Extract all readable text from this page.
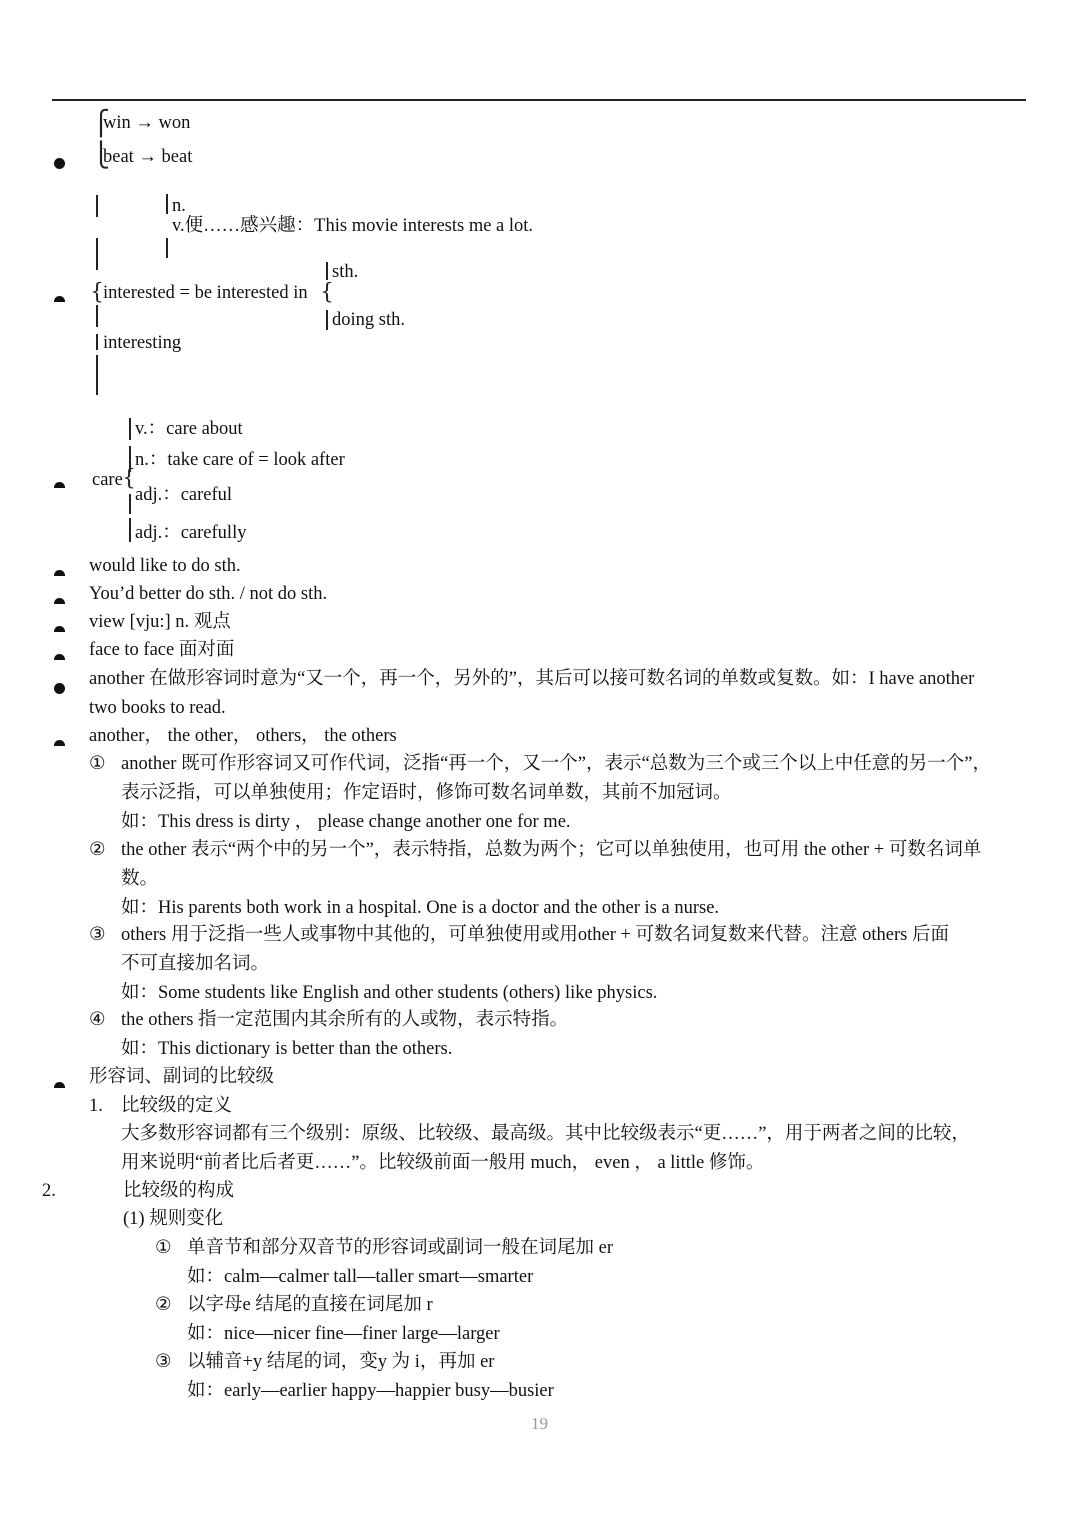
⎧
⎩
win → won
beat → beat
{
n.
v.便……感兴趣：This movie interests me a lot.
interested = be interested in {
sth.
doing sth.
interesting
care {
v.：care about
n.：take care of = look after
adj.：careful
adj.：carefully
would like to do sth.
You’d better do sth. / not do sth.
view [vju:] n. 观点
face to face 面对面
another 在做形容词时意为“又一个，再一个，另外的”，其后可以接可数名词的单数或复数。如：I have another
two books to read.
another， the other， others， the others
① another 既可作形容词又可作代词，泛指“再一个，又一个”，表示“总数为三个或三个以上中任意的另一个”，
表示泛指，可以单独使用；作定语时，修饰可数名词单数，其前不加冠词。
如：This dress is dirty ， please change another one for me.
② the other 表示“两个中的另一个”，表示特指，总数为两个；它可以单独使用，也可用 the other + 可数名词单
数。
如：His parents both work in a hospital. One is a doctor and the other is a nurse.
③ others 用于泛指一些人或事物中其他的，可单独使用或用other + 可数名词复数来代替。注意 others 后面
不可直接加名词。
如：Some students like English and other students (others) like physics.
④ the others 指一定范围内其余所有的人或物，表示特指。
如：This dictionary is better than the others.
形容词、副词的比较级
1. 比较级的定义
大多数形容词都有三个级别：原级、比较级、最高级。其中比较级表示“更……”，用于两者之间的比较，
用来说明“前者比后者更……”。比较级前面一般用 much， even ， a little 修饰。
2.	比较级的构成
(1) 规则变化
① 单音节和部分双音节的形容词或副词一般在词尾加 er
如：calm—calmer tall—taller smart—smarter
② 以字母e 结尾的直接在词尾加 r
如：nice—nicer fine—finer large—larger
③ 以辅音+y 结尾的词，变y 为 i，再加 er
如：early—earlier happy—happier busy—busier
19
